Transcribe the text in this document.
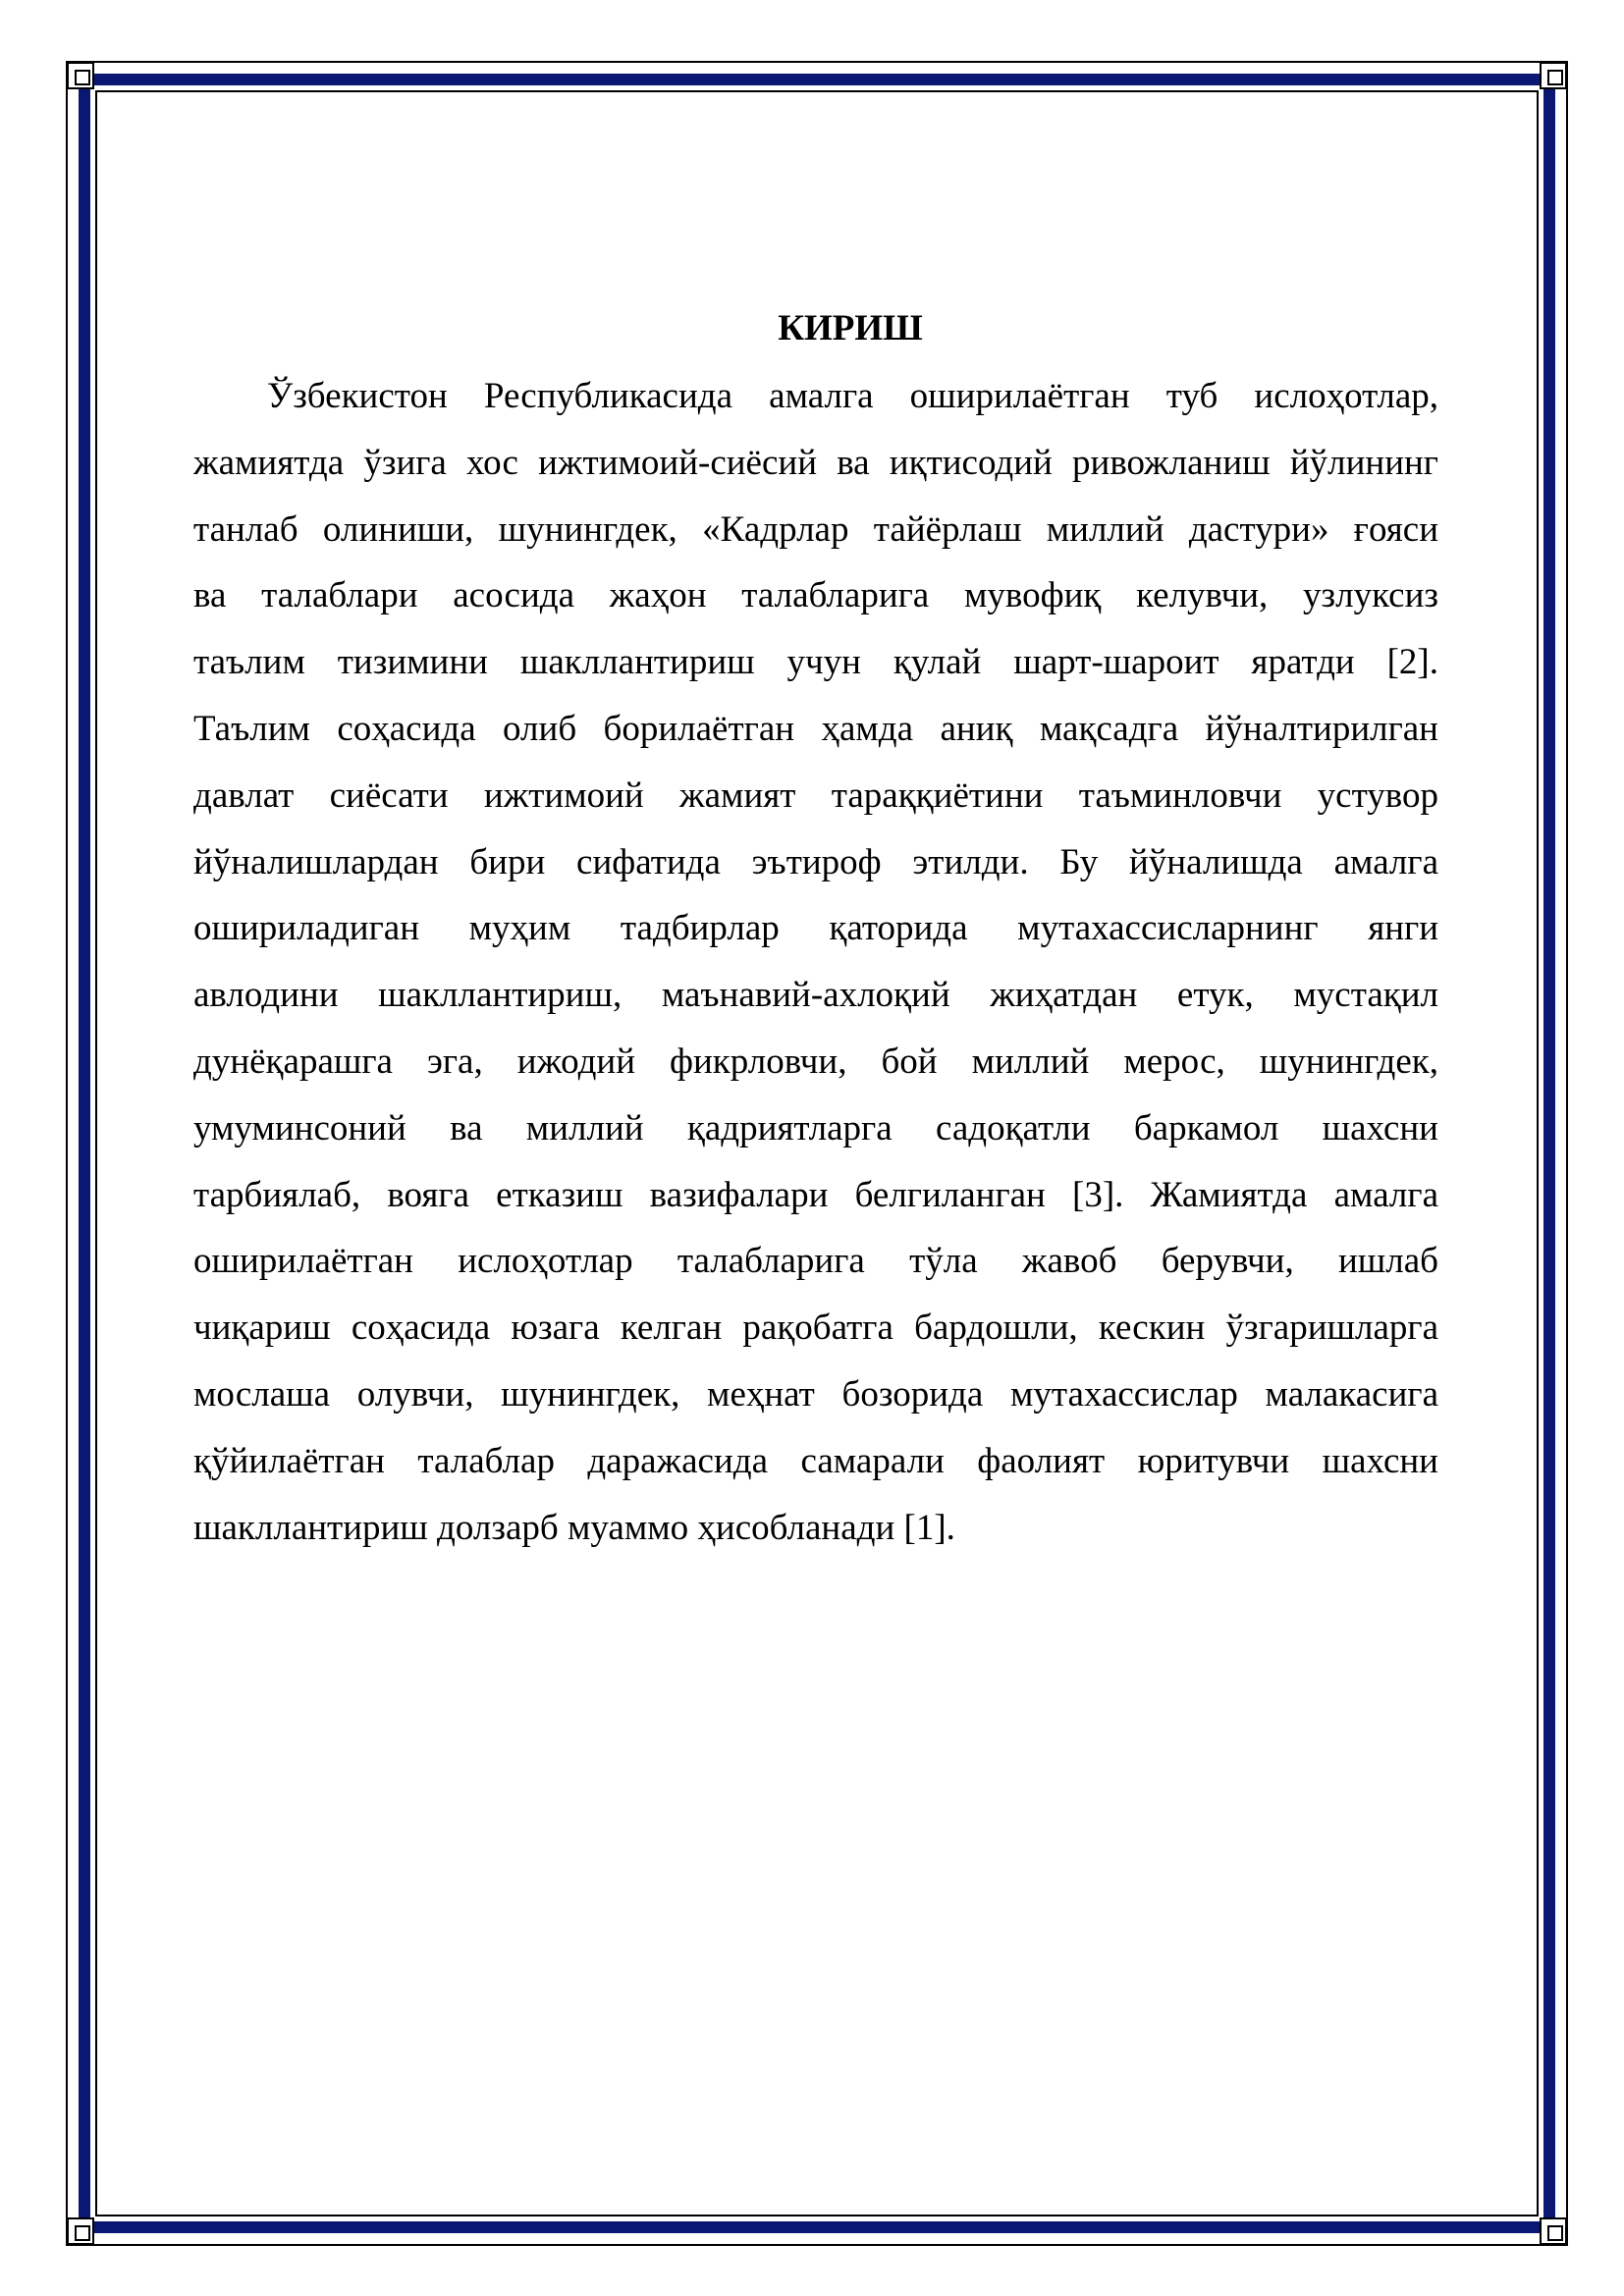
КИРИШ
Ўзбекистон Республикасида амалга оширилаётган туб ислоҳотлар,
жамиятда ўзига хос ижтимоий-сиёсий ва иқтисодий ривожланиш йўлининг
танлаб олиниши, шунингдек, «Кадрлар тайёрлаш миллий дастури» ғояси
ва талаблари асосида жаҳон талабларига мувофиқ келувчи, узлуксиз
таълим тизимини шакллантириш учун қулай шарт-шароит яратди [2].
Таълим соҳасида олиб борилаётган ҳамда аниқ мақсадга йўналтирилган
давлат сиёсати ижтимоий жамият тараққиётини таъминловчи устувор
йўналишлардан бири сифатида эътироф этилди. Бу йўналишда амалга
ошириладиган муҳим тадбирлар қаторида мутахассисларнинг янги
авлодини шакллантириш, маънавий-ахлоқий жиҳатдан етук, мустақил
дунёқарашга эга, ижодий фикрловчи, бой миллий мерос, шунингдек,
умуминсоний ва миллий қадриятларга садоқатли баркамол шахсни
тарбиялаб, вояга етказиш вазифалари белгиланган [3]. Жамиятда амалга
оширилаётган ислоҳотлар талабларига тўла жавоб берувчи, ишлаб
чиқариш соҳасида юзага келган рақобатга бардошли, кескин ўзгаришларга
мослаша олувчи, шунингдек, меҳнат бозорида мутахассислар малакасига
қўйилаётган талаблар даражасида самарали фаолият юритувчи шахсни
шакллантириш долзарб муаммо ҳисобланади [1].
